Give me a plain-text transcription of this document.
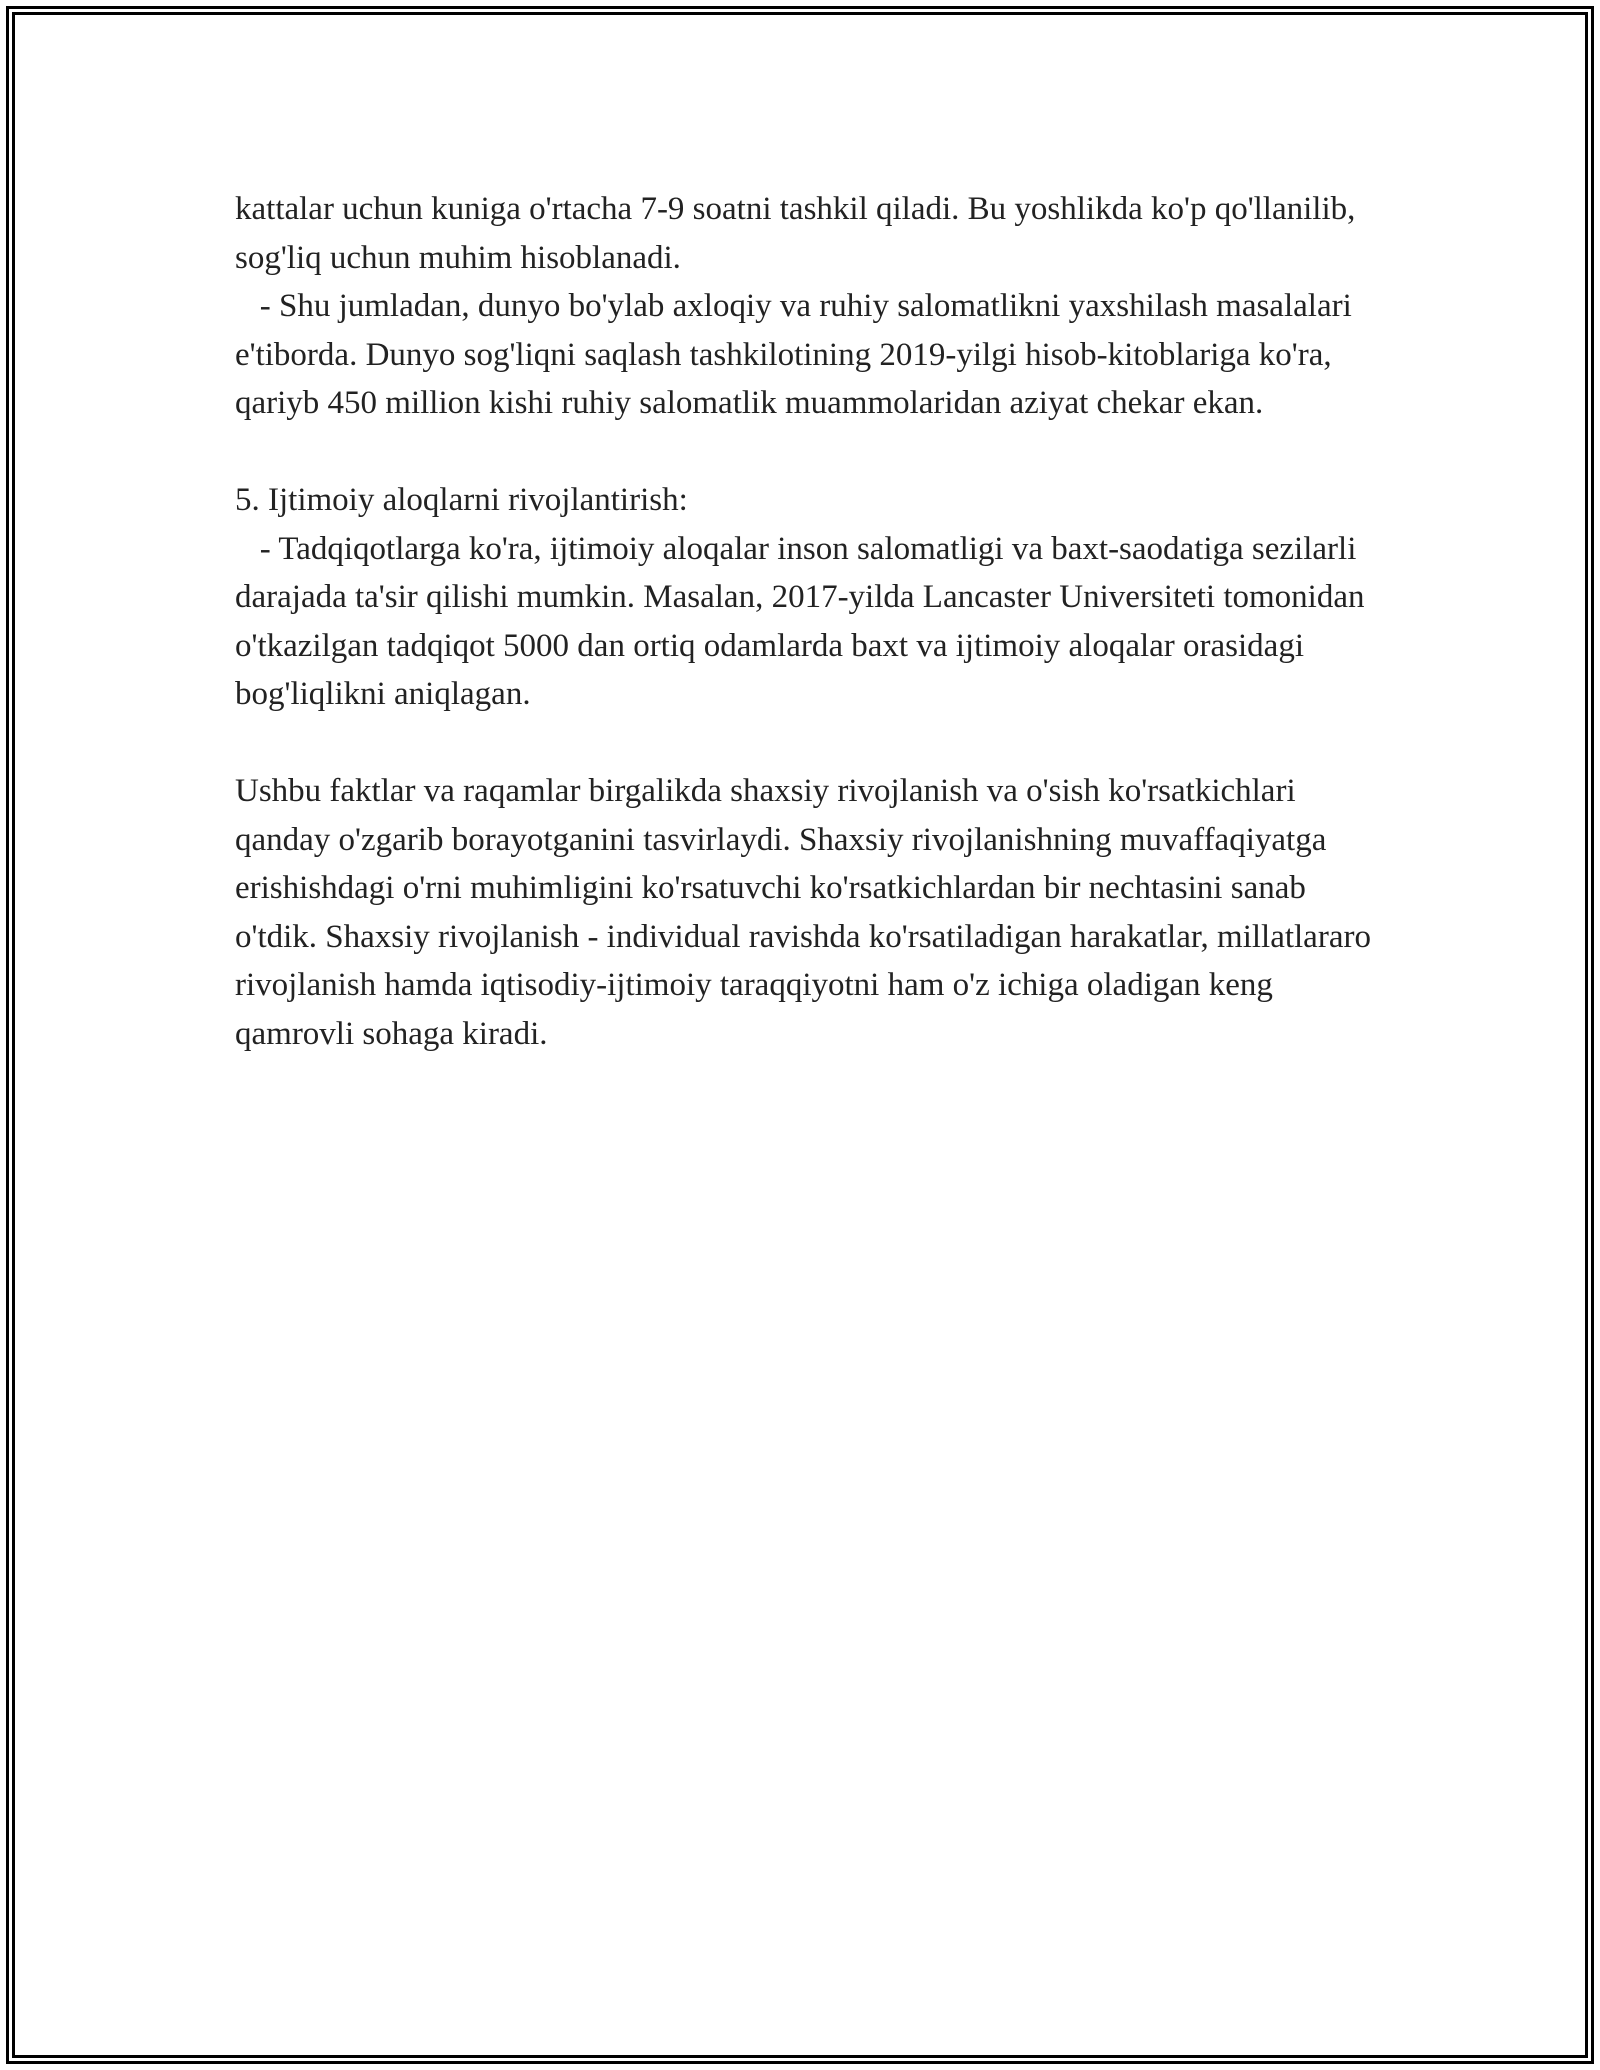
kattalar uchun kuniga o'rtacha 7-9 soatni tashkil qiladi. Bu yoshlikda ko'p qo'llanilib, sog'liq uchun muhim hisoblanadi.

- Shu jumladan, dunyo bo'ylab axloqiy va ruhiy salomatlikni yaxshilash masalalari e'tiborda. Dunyo sog'liqni saqlash tashkilotining 2019-yilgi hisob-kitoblariga ko'ra, qariyb 450 million kishi ruhiy salomatlik muammolaridan aziyat chekar ekan.

5. Ijtimoiy aloqlarni rivojlantirish:

- Tadqiqotlarga ko'ra, ijtimoiy aloqalar inson salomatligi va baxt-saodatiga sezilarli darajada ta'sir qilishi mumkin. Masalan, 2017-yilda Lancaster Universiteti tomonidan o'tkazilgan tadqiqot 5000 dan ortiq odamlarda baxt va ijtimoiy aloqalar orasidagi bog'liqlikni aniqlagan.

Ushbu faktlar va raqamlar birgalikda shaxsiy rivojlanish va o'sish ko'rsatkichlari qanday o'zgarib borayotganini tasvirlaydi. Shaxsiy rivojlanishning muvaffaqiyatga erishishdagi o'rni muhimligini ko'rsatuvchi ko'rsatkichlardan bir nechtasini sanab o'tdik. Shaxsiy rivojlanish - individual ravishda ko'rsatiladigan harakatlar, millatlararo rivojlanish hamda iqtisodiy-ijtimoiy taraqqiyotni ham o'z ichiga oladigan keng qamrovli sohaga kiradi.
